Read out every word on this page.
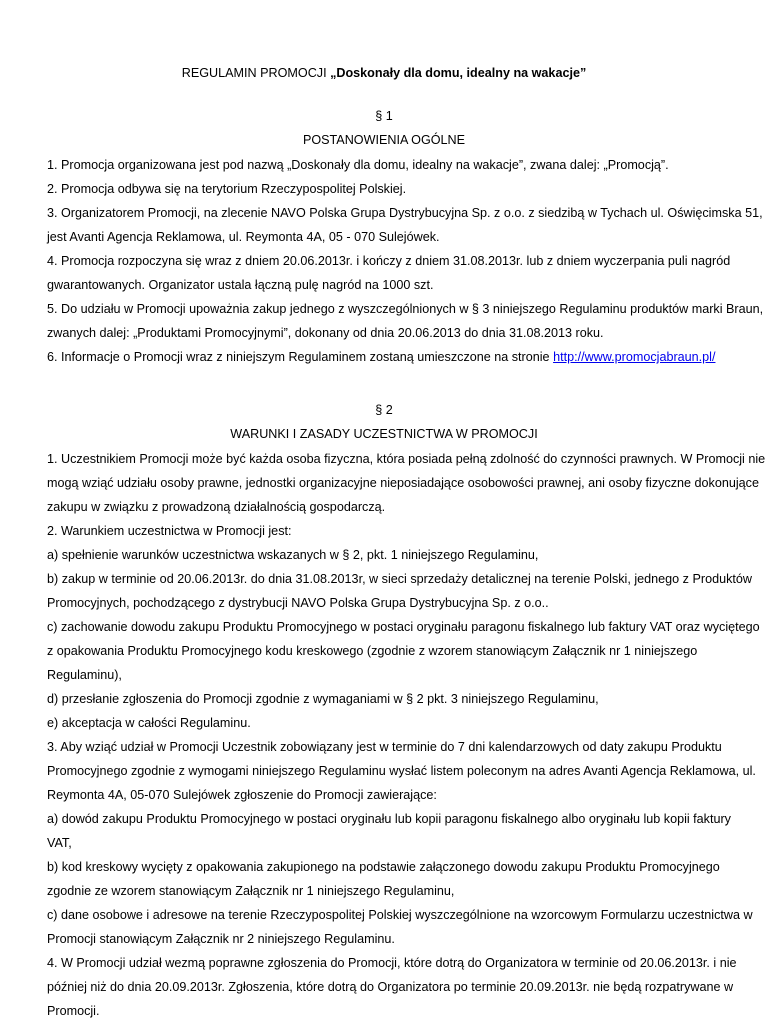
REGULAMIN PROMOCJI „Doskonały dla domu, idealny na wakacje”
§ 1
POSTANOWIENIA OGÓLNE
1. Promocja organizowana jest pod nazwą „Doskonały dla domu, idealny na wakacje”, zwana dalej: „Promocją”.
2. Promocja odbywa się na terytorium Rzeczypospolitej Polskiej.
3. Organizatorem Promocji, na zlecenie NAVO Polska Grupa Dystrybucyjna Sp. z o.o. z siedzibą w Tychach ul. Oświęcimska 51,
jest Avanti Agencja Reklamowa, ul. Reymonta 4A, 05 - 070 Sulejówek.
4. Promocja rozpoczyna się wraz z dniem 20.06.2013r. i kończy z dniem 31.08.2013r. lub z dniem wyczerpania puli nagród
gwarantowanych. Organizator ustala łączną pulę nagród na 1000 szt.
5. Do udziału w Promocji upoważnia zakup jednego z wyszczególnionych w § 3 niniejszego Regulaminu produktów marki Braun,
zwanych dalej: „Produktami Promocyjnymi”, dokonany od dnia 20.06.2013 do dnia 31.08.2013 roku.
6. Informacje o Promocji wraz z niniejszym Regulaminem zostaną umieszczone na stronie http://www.promocjabraun.pl/
§ 2
WARUNKI I ZASADY UCZESTNICTWA W PROMOCJI
1. Uczestnikiem Promocji może być każda osoba fizyczna, która posiada pełną zdolność do czynności prawnych. W Promocji nie
mogą wziąć udziału osoby prawne, jednostki organizacyjne nieposiadające osobowości prawnej, ani osoby fizyczne dokonujące
zakupu w związku z prowadzoną działalnością gospodarczą.
2. Warunkiem uczestnictwa w Promocji jest:
a) spełnienie warunków uczestnictwa wskazanych w § 2, pkt. 1 niniejszego Regulaminu,
b) zakup w terminie od 20.06.2013r. do dnia 31.08.2013r, w sieci sprzedaży detalicznej na terenie Polski, jednego z Produktów
Promocyjnych, pochodzącego z dystrybucji NAVO Polska Grupa Dystrybucyjna Sp. z o.o..
c) zachowanie dowodu zakupu Produktu Promocyjnego w postaci oryginału paragonu fiskalnego lub faktury VAT oraz wyciętego
z opakowania Produktu Promocyjnego kodu kreskowego (zgodnie z wzorem stanowiącym Załącznik nr 1 niniejszego
Regulaminu),
d) przesłanie zgłoszenia do Promocji zgodnie z wymaganiami w § 2 pkt. 3 niniejszego Regulaminu,
e) akceptacja w całości Regulaminu.
3. Aby wziąć udział w Promocji Uczestnik zobowiązany jest w terminie do 7 dni kalendarzowych od daty zakupu Produktu
Promocyjnego zgodnie z wymogami niniejszego Regulaminu wysłać listem poleconym na adres Avanti Agencja Reklamowa, ul.
Reymonta 4A, 05-070 Sulejówek zgłoszenie do Promocji zawierające:
a) dowód zakupu Produktu Promocyjnego w postaci oryginału lub kopii paragonu fiskalnego albo oryginału lub kopii faktury
VAT,
b) kod kreskowy wycięty z opakowania zakupionego na podstawie załączonego dowodu zakupu Produktu Promocyjnego
zgodnie ze wzorem stanowiącym Załącznik nr 1 niniejszego Regulaminu,
c) dane osobowe i adresowe na terenie Rzeczypospolitej Polskiej wyszczególnione na wzorcowym Formularzu uczestnictwa w
Promocji stanowiącym Załącznik nr 2 niniejszego Regulaminu.
4. W Promocji udział wezmą poprawne zgłoszenia do Promocji, które dotrą do Organizatora w terminie od 20.06.2013r. i nie
później niż do dnia 20.09.2013r. Zgłoszenia, które dotrą do Organizatora po terminie 20.09.2013r. nie będą rozpatrywane w
Promocji.
